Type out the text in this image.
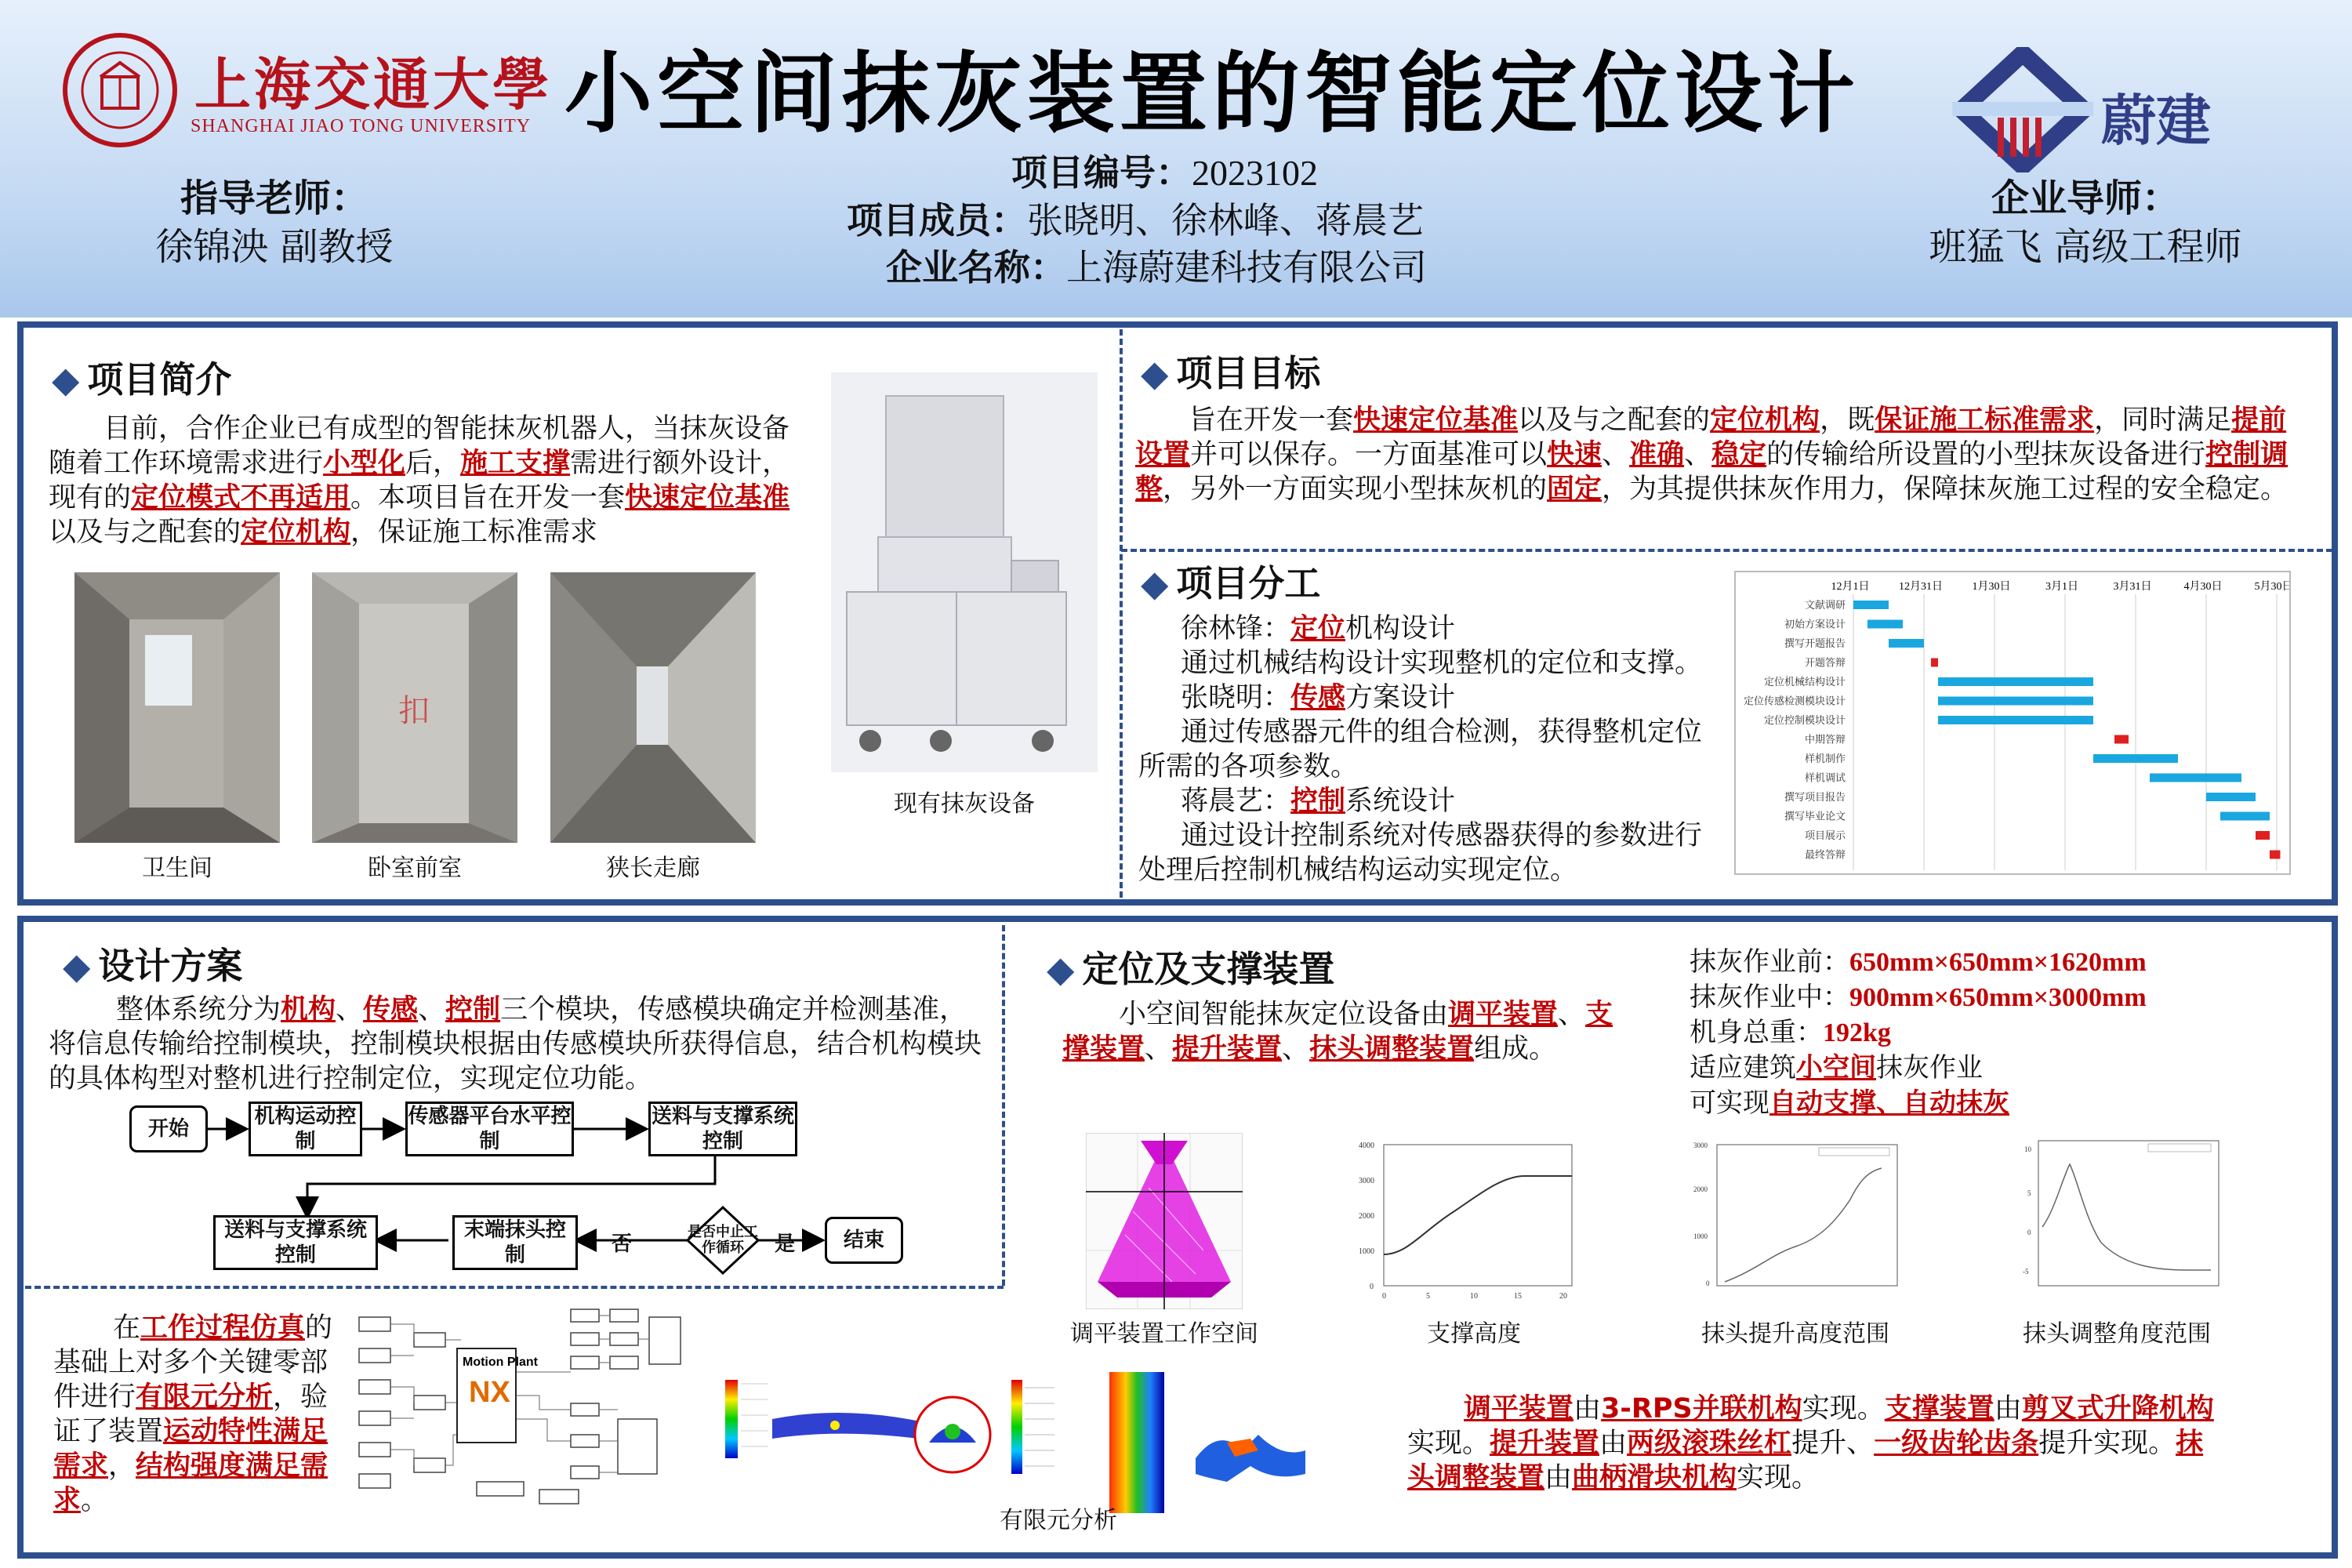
上海交通大學
SHANGHAI JIAO TONG UNIVERSITY 小空间抹灰装置的智能定位设计	蔚建
项目编号：2023102
项目成员：张晓明、徐林峰、蒋晨艺
企业名称：上海蔚建科技有限公司
指导老师：
徐锦泱 副教授
企业导师：
班猛飞 高级工程师
◆ 项目简介
目前，合作企业已有成型的智能抹灰机器人，当抹灰设备随着工作环境需求进行小型化后，施工支撑需进行额外设计，现有的定位模式不再适用。本项目旨在开发一套快速定位基准以及与之配套的定位机构，保证施工标准需求
扣
卫生间	卧室前室	狭长走廊
现有抹灰设备
◆ 项目目标
旨在开发一套快速定位基准以及与之配套的定位机构，既保证施工标准需求，同时满足提前设置并可以保存。一方面基准可以快速、准确、稳定的传输给所设置的小型抹灰设备进行控制调整，另外一方面实现小型抹灰机的固定，为其提供抹灰作用力，保障抹灰施工过程的安全稳定。
◆ 项目分工
徐林锋：定位机构设计
通过机械结构设计实现整机的定位和支撑。
张晓明：传感方案设计
通过传感器元件的组合检测，获得整机定位所需的各项参数。
蒋晨艺：控制系统设计
通过设计控制系统对传感器获得的参数进行处理后控制机械结构运动实现定位。
12月1日	12月31日	1月30日	3月1日	3月31日	4月30日	5月30日
文献调研
初始方案设计
撰写开题报告
开题答辩
定位机械结构设计
定位传感检测模块设计
定位控制模块设计
中期答辩
样机制作
样机调试
撰写项目报告
撰写毕业论文
项目展示
最终答辩
◆ 设计方案
整体系统分为机构、传感、控制三个模块，传感模块确定并检测基准，将信息传输给控制模块，控制模块根据由传感模块所获得信息，结合机构模块的具体构型对整机进行控制定位，实现定位功能。
开始
机构运动控制
传感器平台水平控制
送料与支撑系统控制
送料与支撑系统控制
末端抹头控制
是否中止工作循环
否	是	结束
在工作过程仿真的基础上对多个关键零部件进行有限元分析，验证了装置运动特性满足需求，结构强度满足需求。
Motion Plant
NX
有限元分析
◆ 定位及支撑装置
小空间智能抹灰定位设备由调平装置、支撑装置、提升装置、抹头调整装置组成。
抹灰作业前：650mm×650mm×1620mm
抹灰作业中：900mm×650mm×3000mm
机身总重：192kg
适应建筑小空间抹灰作业
可实现自动支撑、自动抹灰
调平装置工作空间
4000
3000
2000
1000
0
0	5	10	15	20
支撑高度
3000
2000
1000
0
抹头提升高度范围
10
5
0
-5
抹头调整角度范围
调平装置由3-RPS并联机构实现。支撑装置由剪叉式升降机构实现。提升装置由两级滚珠丝杠提升、一级齿轮齿条提升实现。抹头调整装置由曲柄滑块机构实现。
